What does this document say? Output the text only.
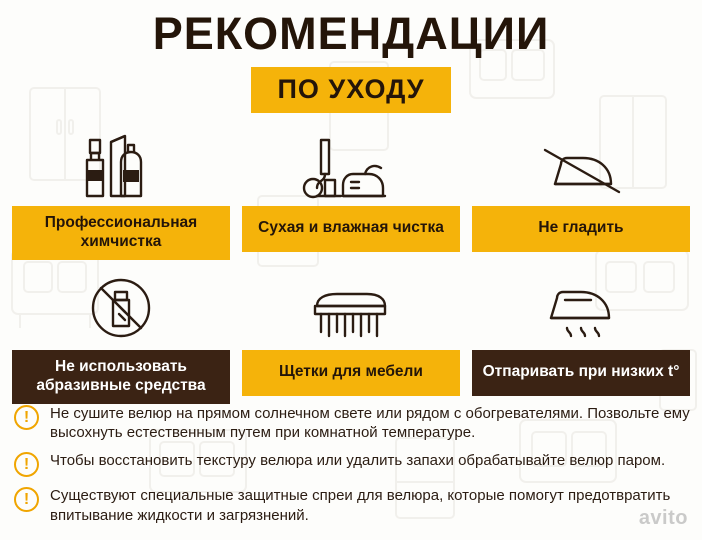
РЕКОМЕНДАЦИИ
ПО УХОДУ
Профессиональная химчистка
Сухая и влажная чистка	Не гладить
Не использовать абразивные средства
Щетки для мебели	Отпаривать при низких t°
!	Не сушите велюр на прямом солнечном свете или рядом с обогревателями. Позвольте ему высохнуть естественным путем при комнатной температуре.
!	Чтобы восстановить текстуру велюра или удалить запахи обрабатывайте велюр паром.
!	Существуют специальные защитные спреи для велюра, которые помогут предотвратить впитывание жидкости и загрязнений.	avito
